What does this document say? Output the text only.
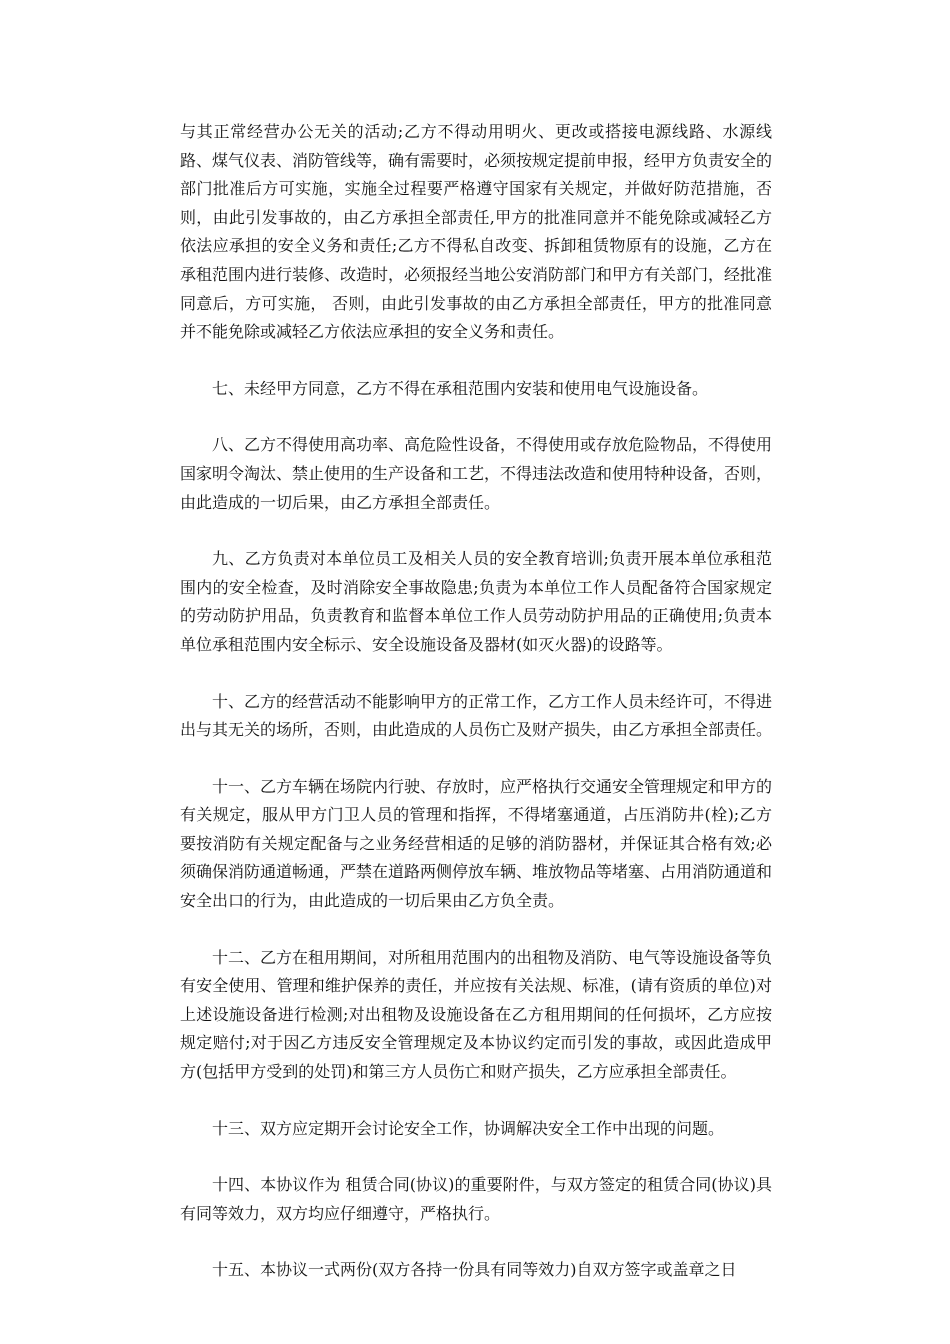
与其正常经营办公无关的活动;乙方不得动用明火、更改或搭接电源线路、水源线路、煤气仪表、消防管线等，确有需要时，必须按规定提前申报，经甲方负责安全的部门批准后方可实施，实施全过程要严格遵守国家有关规定，并做好防范措施，否则，由此引发事故的，由乙方承担全部责任,甲方的批准同意并不能免除或减轻乙方依法应承担的安全义务和责任;乙方不得私自改变、拆卸租赁物原有的设施，乙方在承租范围内进行装修、改造时，必须报经当地公安消防部门和甲方有关部门，经批准同意后，方可实施， 否则，由此引发事故的由乙方承担全部责任，甲方的批准同意并不能免除或减轻乙方依法应承担的安全义务和责任。

七、未经甲方同意，乙方不得在承租范围内安装和使用电气设施设备。

八、乙方不得使用高功率、高危险性设备，不得使用或存放危险物品，不得使用国家明令淘汰、禁止使用的生产设备和工艺，不得违法改造和使用特种设备，否则，由此造成的一切后果，由乙方承担全部责任。

九、乙方负责对本单位员工及相关人员的安全教育培训;负责开展本单位承租范围内的安全检查，及时消除安全事故隐患;负责为本单位工作人员配备符合国家规定的劳动防护用品，负责教育和监督本单位工作人员劳动防护用品的正确使用;负责本单位承租范围内安全标示、安全设施设备及器材(如灭火器)的设路等。

十、乙方的经营活动不能影响甲方的正常工作，乙方工作人员未经许可，不得进出与其无关的场所，否则，由此造成的人员伤亡及财产损失，由乙方承担全部责任。

十一、乙方车辆在场院内行驶、存放时，应严格执行交通安全管理规定和甲方的有关规定，服从甲方门卫人员的管理和指挥，不得堵塞通道，占压消防井(栓);乙方要按消防有关规定配备与之业务经营相适的足够的消防器材，并保证其合格有效;必须确保消防通道畅通，严禁在道路两侧停放车辆、堆放物品等堵塞、占用消防通道和安全出口的行为，由此造成的一切后果由乙方负全责。

十二、乙方在租用期间，对所租用范围内的出租物及消防、电气等设施设备等负有安全使用、管理和维护保养的责任，并应按有关法规、标准，(请有资质的单位)对上述设施设备进行检测;对出租物及设施设备在乙方租用期间的任何损坏，乙方应按规定赔付;对于因乙方违反安全管理规定及本协议约定而引发的事故，或因此造成甲方(包括甲方受到的处罚)和第三方人员伤亡和财产损失，乙方应承担全部责任。

十三、双方应定期开会讨论安全工作，协调解决安全工作中出现的问题。

十四、本协议作为 租赁合同(协议)的重要附件，与双方签定的租赁合同(协议)具有同等效力，双方均应仔细遵守，严格执行。

十五、本协议一式两份(双方各持一份具有同等效力)自双方签字或盖章之日
